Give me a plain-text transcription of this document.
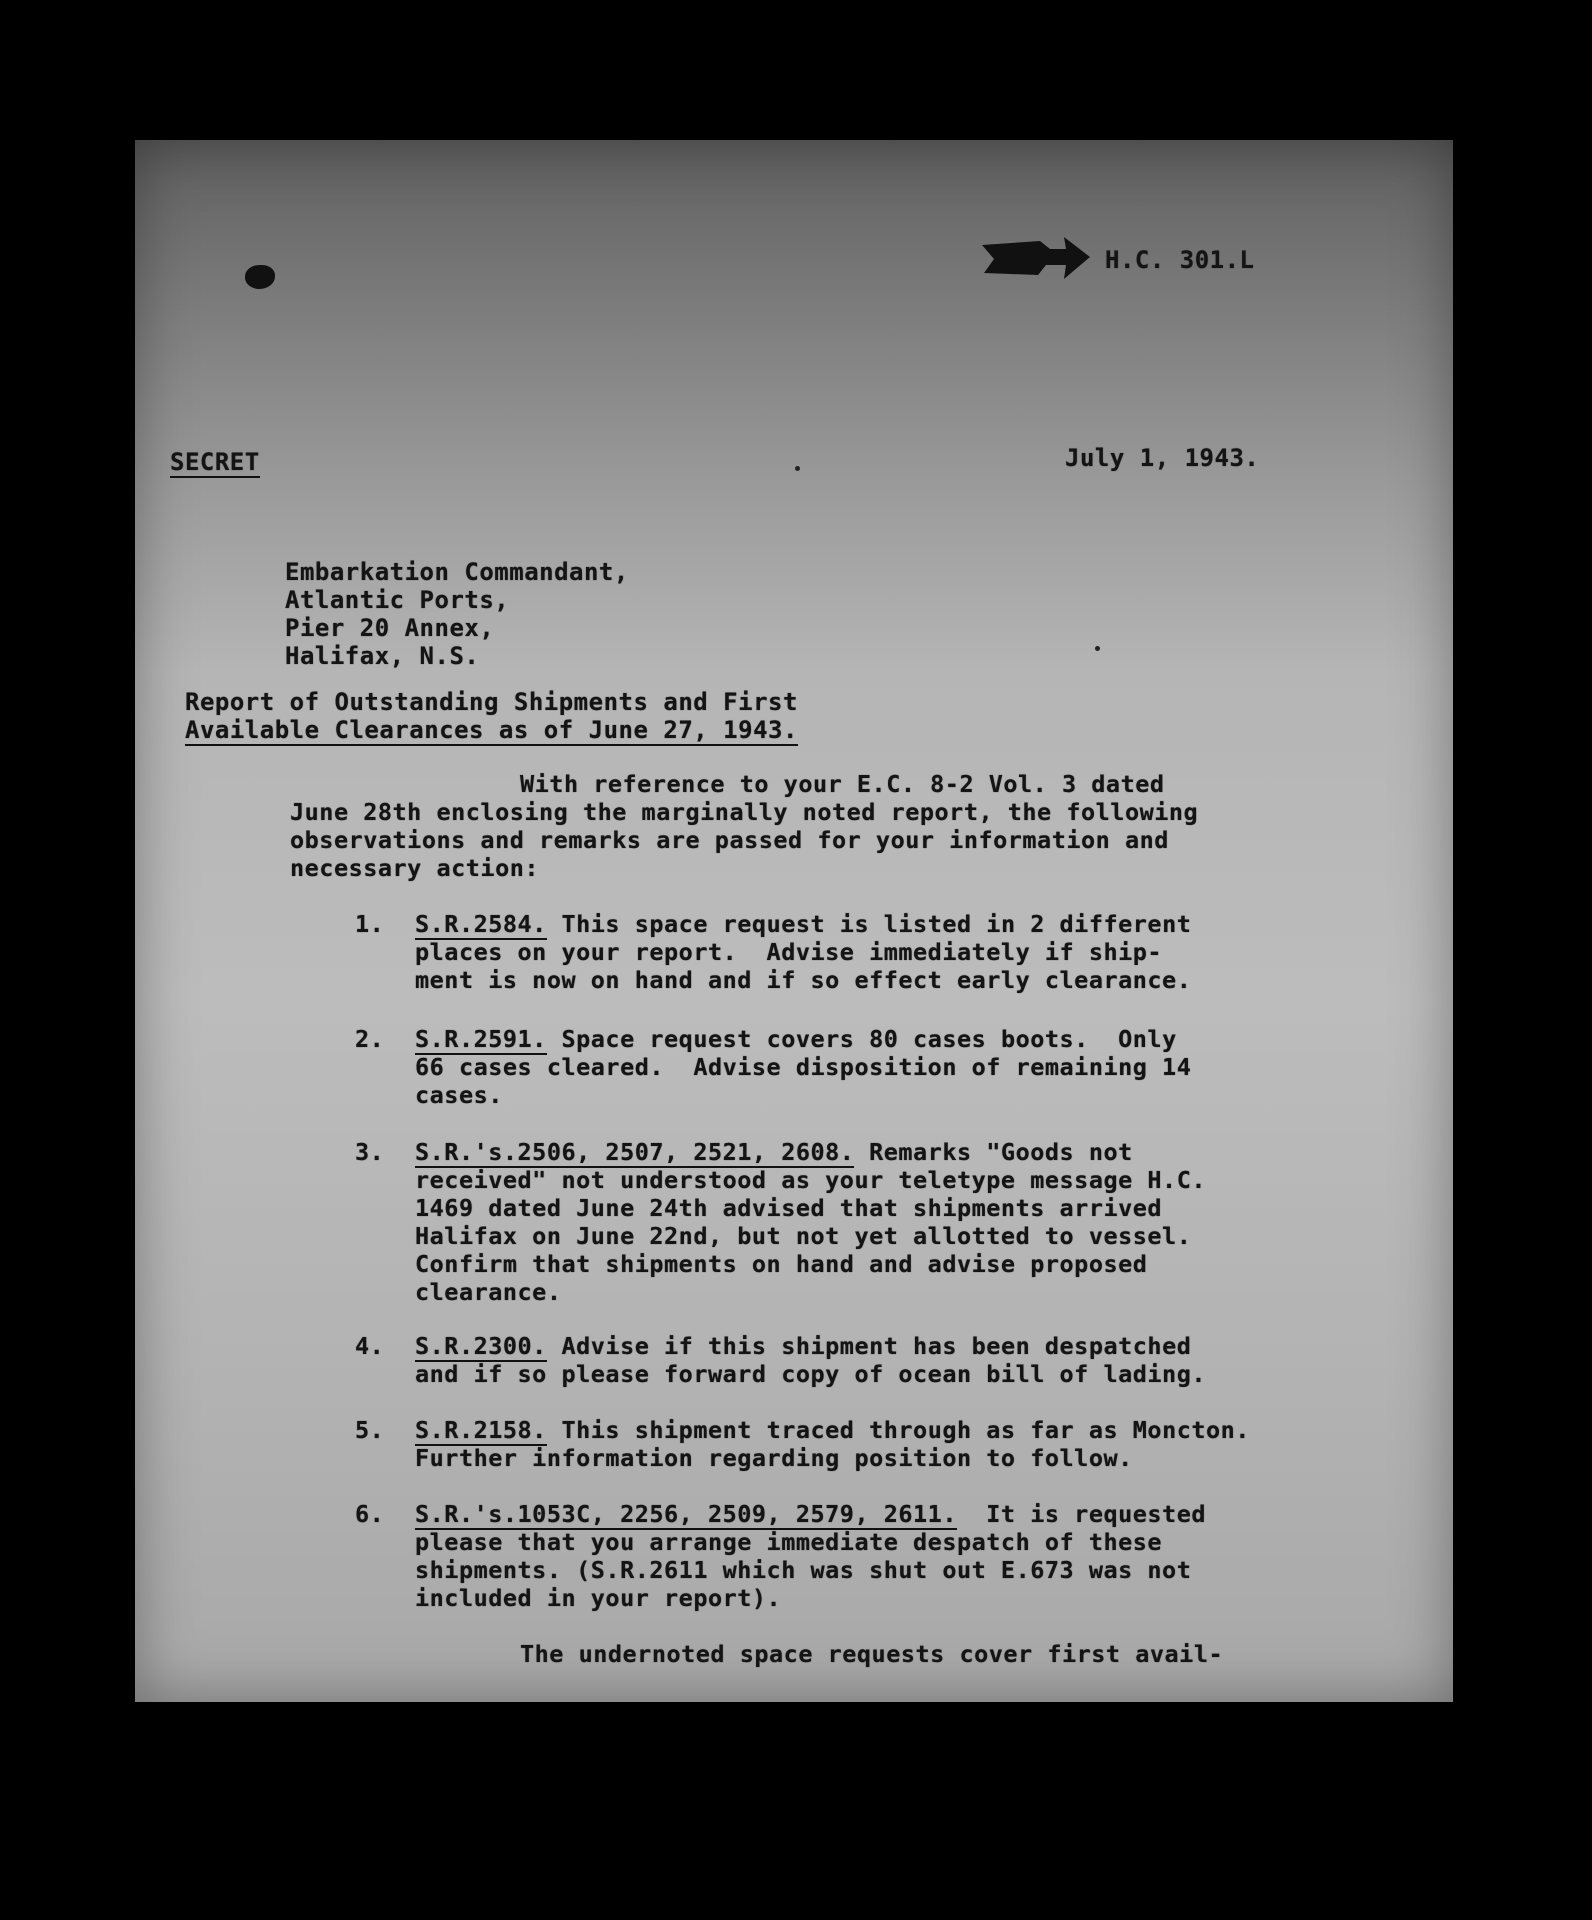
H.C. 301.L
SECRET	July 1, 1943.
Embarkation Commandant,
Atlantic Ports,
Pier 20 Annex,
Halifax, N.S.
Report of Outstanding Shipments and First
Available Clearances as of June 27, 1943.
With reference to your E.C. 8-2 Vol. 3 dated
June 28th enclosing the marginally noted report, the following
observations and remarks are passed for your information and
necessary action:
1. S.R.2584. This space request is listed in 2 different
places on your report.  Advise immediately if ship-
ment is now on hand and if so effect early clearance.
2. S.R.2591. Space request covers 80 cases boots.  Only
66 cases cleared.  Advise disposition of remaining 14
cases.
3. S.R.'s.2506, 2507, 2521, 2608. Remarks "Goods not
received" not understood as your teletype message H.C.
1469 dated June 24th advised that shipments arrived
Halifax on June 22nd, but not yet allotted to vessel.
Confirm that shipments on hand and advise proposed
clearance.
4. S.R.2300. Advise if this shipment has been despatched
and if so please forward copy of ocean bill of lading.
5. S.R.2158. This shipment traced through as far as Moncton.
Further information regarding position to follow.
6. S.R.'s.1053C, 2256, 2509, 2579, 2611.  It is requested
please that you arrange immediate despatch of these
shipments. (S.R.2611 which was shut out E.673 was not
included in your report).
The undernoted space requests cover first avail-
